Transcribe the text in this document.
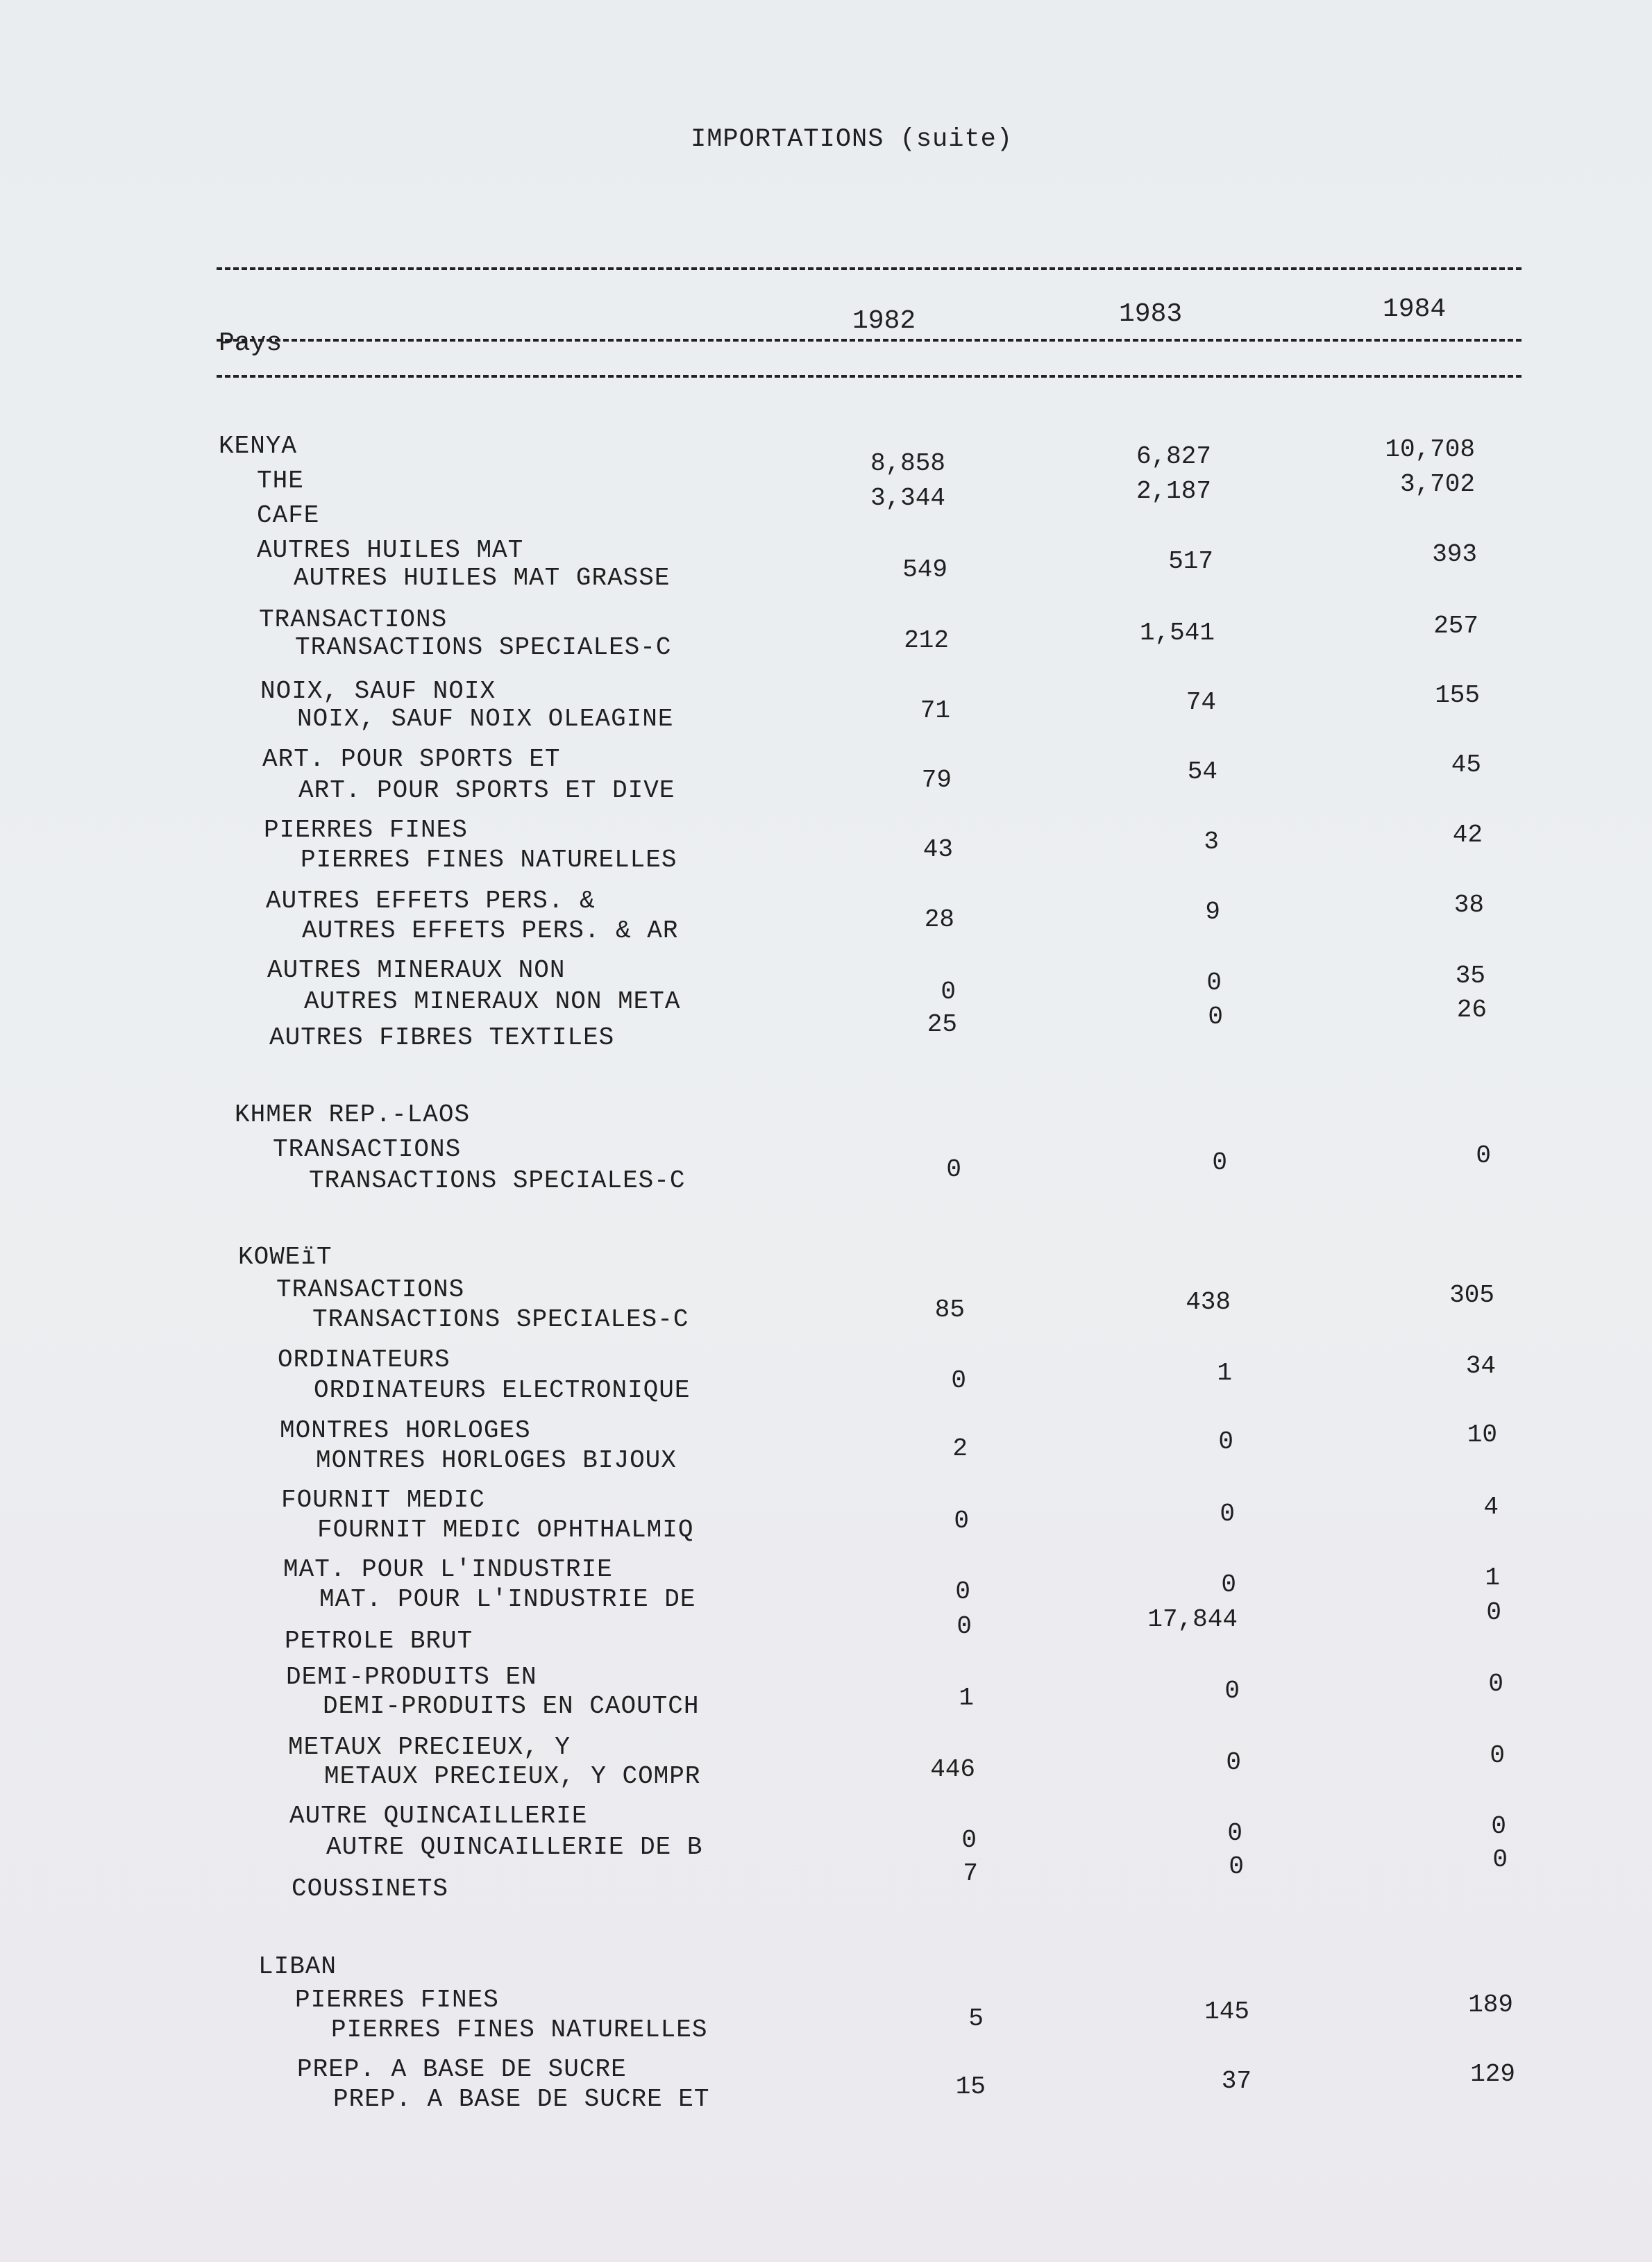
IMPORTATIONS (suite)
Pays
1982	1983	1984
KENYA
THE
8,858	6,827	10,708
CAFE
3,344	2,187	3,702
AUTRES HUILES MAT
AUTRES HUILES MAT GRASSE	549	517	393
TRANSACTIONS
TRANSACTIONS SPECIALES-C	212	1,541	257
NOIX, SAUF NOIX
NOIX, SAUF NOIX OLEAGINE	71	74	155
ART. POUR SPORTS ET
ART. POUR SPORTS ET DIVE	79	54	45
PIERRES FINES
PIERRES FINES NATURELLES	43	3	42
AUTRES EFFETS PERS. &
AUTRES EFFETS PERS. & AR	28	9	38
AUTRES MINERAUX NON
AUTRES MINERAUX NON META	0	0	35
AUTRES FIBRES TEXTILES	25	0	26
KHMER REP.-LAOS
TRANSACTIONS
TRANSACTIONS SPECIALES-C	0	0	0
KOWEïT
TRANSACTIONS
TRANSACTIONS SPECIALES-C	85	438	305
ORDINATEURS
ORDINATEURS ELECTRONIQUE	0	1	34
MONTRES HORLOGES
MONTRES HORLOGES BIJOUX	2	0	10
FOURNIT MEDIC
FOURNIT MEDIC OPHTHALMIQ	0	0	4
MAT. POUR L'INDUSTRIE
MAT. POUR L'INDUSTRIE DE	0	0	1
PETROLE BRUT
0	17,844	0
DEMI-PRODUITS EN
DEMI-PRODUITS EN CAOUTCH	1	0	0
METAUX PRECIEUX, Y
METAUX PRECIEUX, Y COMPR	446	0	0
AUTRE QUINCAILLERIE
AUTRE QUINCAILLERIE DE B	0	0	0
COUSSINETS
7	0	0
LIBAN
PIERRES FINES
PIERRES FINES NATURELLES	5	145	189
PREP. A BASE DE SUCRE
PREP. A BASE DE SUCRE ET	15	37	129
